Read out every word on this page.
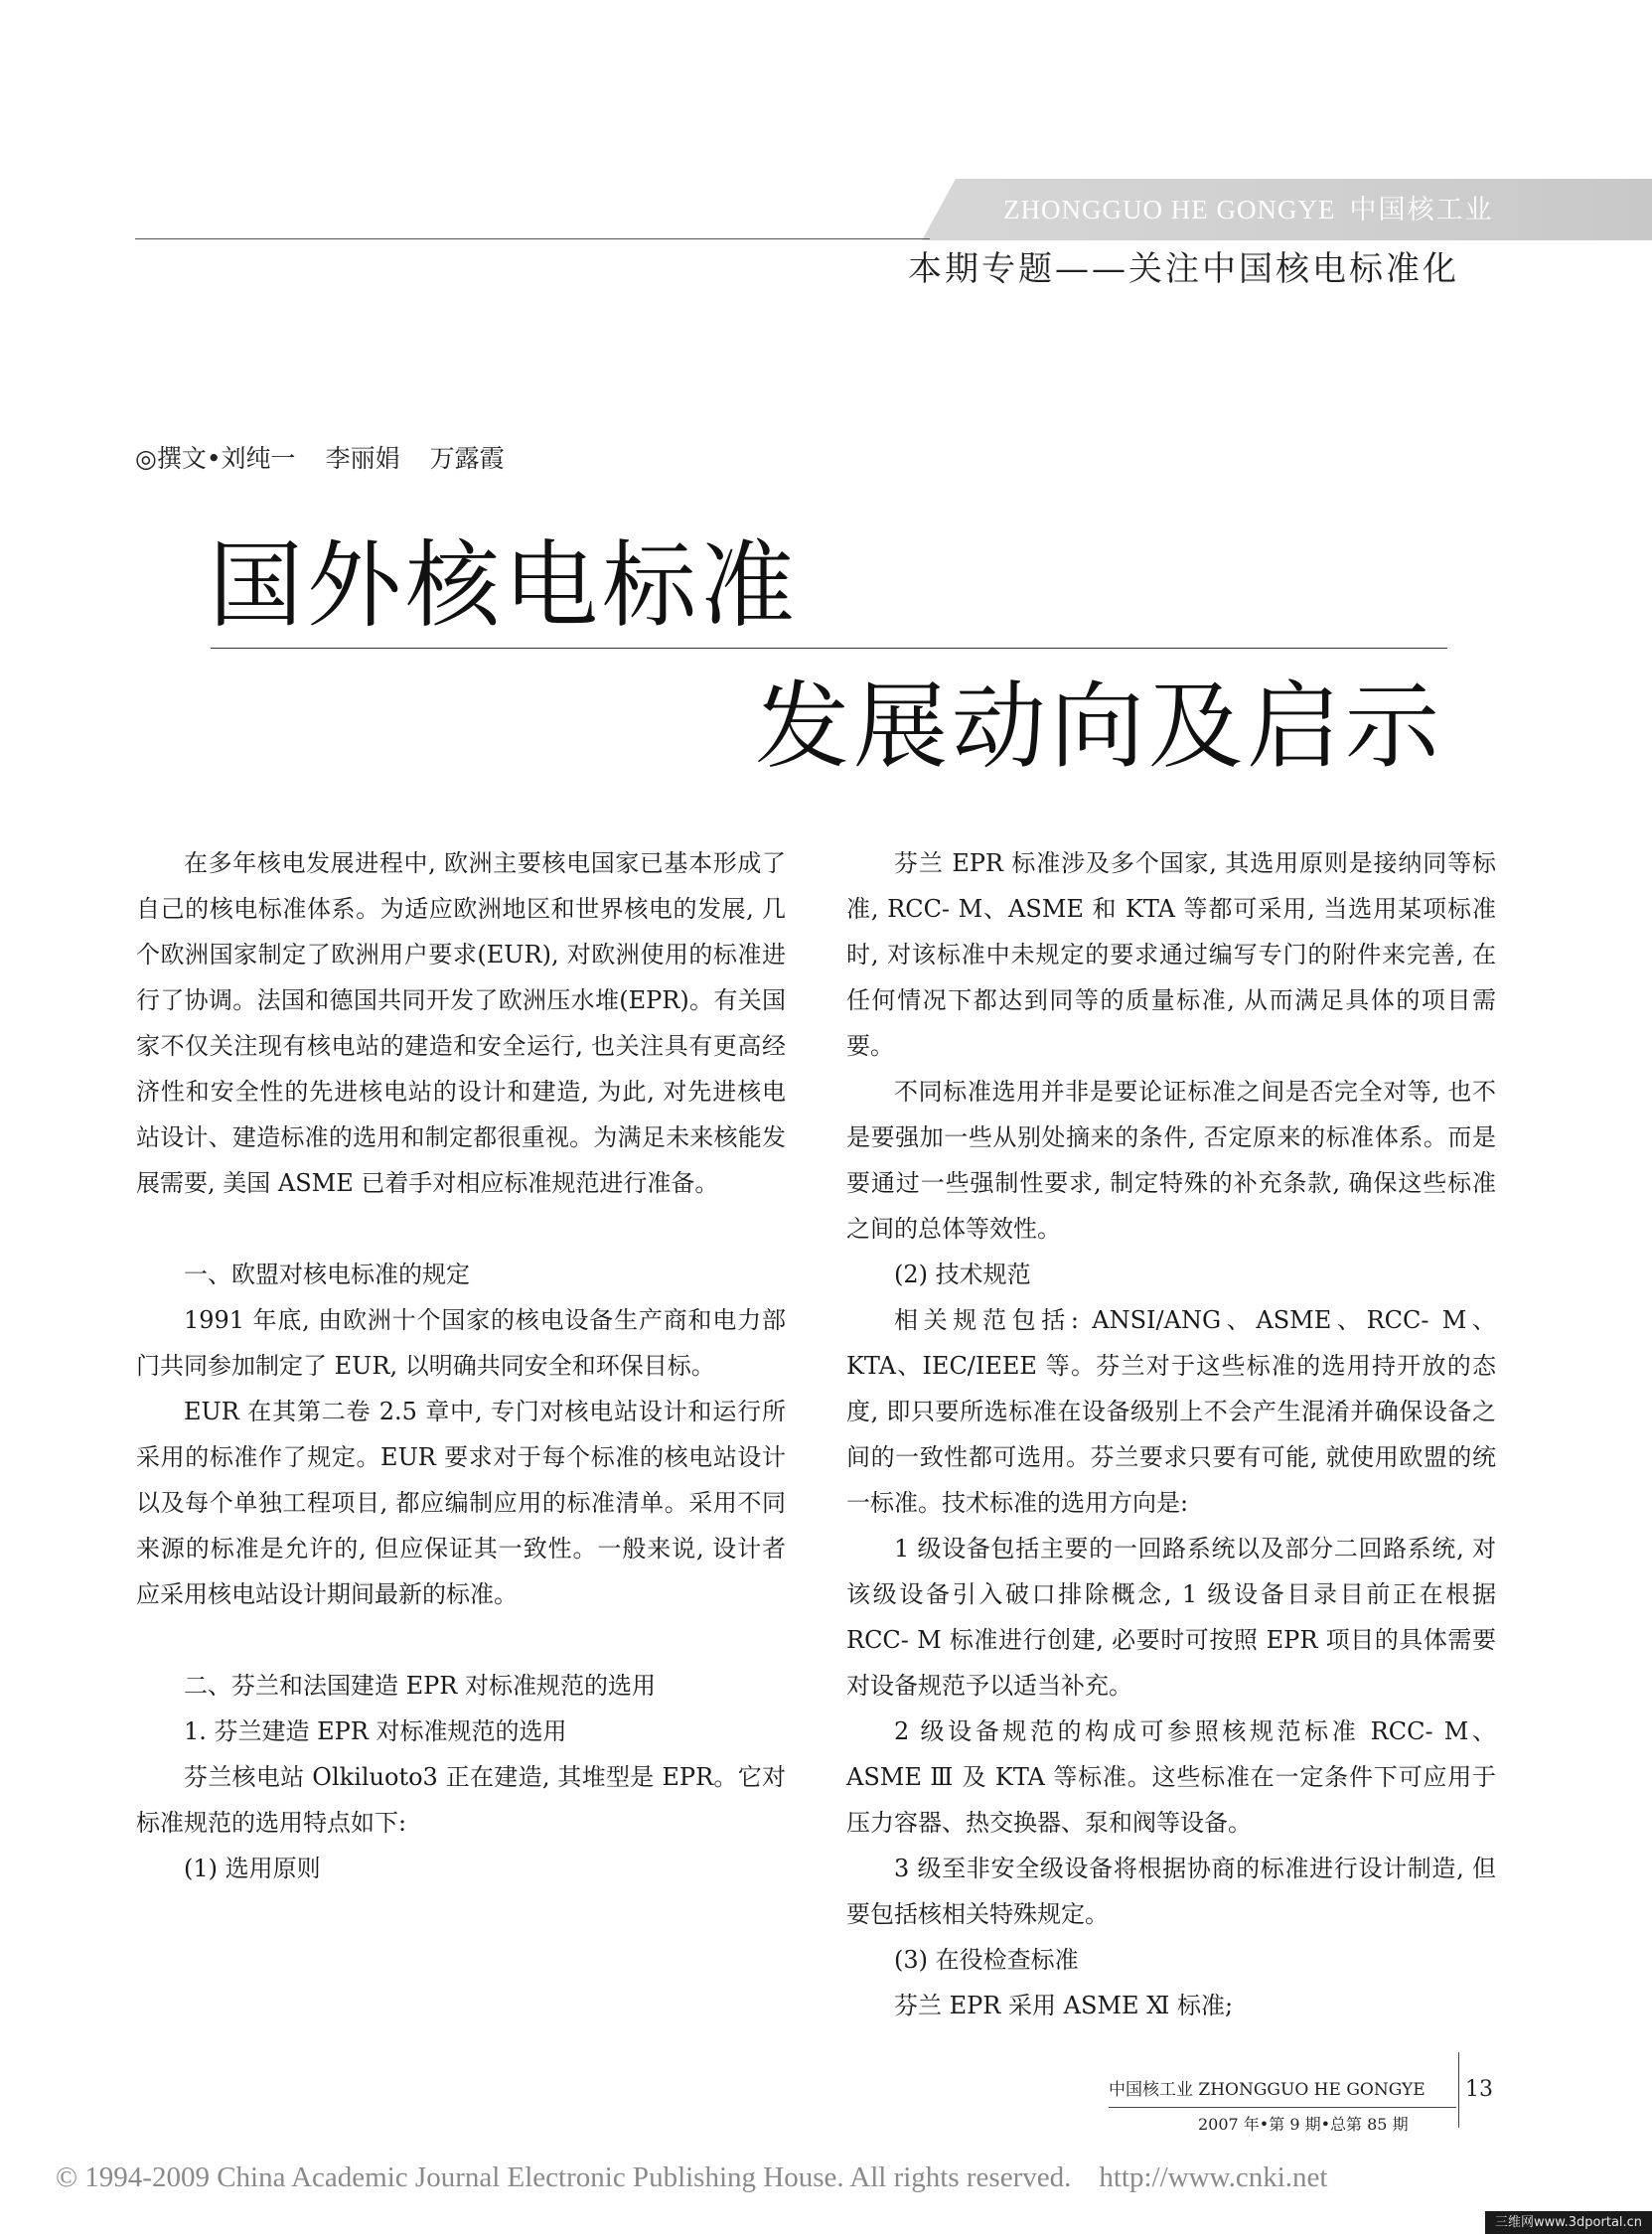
ZHONGGUO HE GONGYE 中国核工业
本期专题——关注中国核电标准化
◎撰文•刘纯一 李丽娟 万露霞
国外核电标准
发展动向及启示

在多年核电发展进程中, 欧洲主要核电国家已基本形成了自己的核电标准体系。为适应欧洲地区和世界核电的发展, 几个欧洲国家制定了欧洲用户要求(EUR), 对欧洲使用的标准进行了协调。法国和德国共同开发了欧洲压水堆(EPR)。有关国家不仅关注现有核电站的建造和安全运行, 也关注具有更高经济性和安全性的先进核电站的设计和建造, 为此, 对先进核电站设计、建造标准的选用和制定都很重视。为满足未来核能发展需要, 美国 ASME 已着手对相应标准规范进行准备。

一、欧盟对核电标准的规定

1991 年底, 由欧洲十个国家的核电设备生产商和电力部门共同参加制定了 EUR, 以明确共同安全和环保目标。

EUR 在其第二卷 2.5 章中, 专门对核电站设计和运行所采用的标准作了规定。EUR 要求对于每个标准的核电站设计以及每个单独工程项目, 都应编制应用的标准清单。采用不同来源的标准是允许的, 但应保证其一致性。一般来说, 设计者应采用核电站设计期间最新的标准。

二、芬兰和法国建造 EPR 对标准规范的选用

1. 芬兰建造 EPR 对标准规范的选用

芬兰核电站 Olkiluoto3 正在建造, 其堆型是 EPR。它对标准规范的选用特点如下:

(1) 选用原则

芬兰 EPR 标准涉及多个国家, 其选用原则是接纳同等标准, RCC- M、ASME 和 KTA 等都可采用, 当选用某项标准时, 对该标准中未规定的要求通过编写专门的附件来完善, 在任何情况下都达到同等的质量标准, 从而满足具体的项目需要。

不同标准选用并非是要论证标准之间是否完全对等, 也不是要强加一些从别处摘来的条件, 否定原来的标准体系。而是要通过一些强制性要求, 制定特殊的补充条款, 确保这些标准之间的总体等效性。

(2) 技术规范

相关规范包括: ANSI/ANG、ASME、RCC- M、KTA、IEC/IEEE 等。芬兰对于这些标准的选用持开放的态度, 即只要所选标准在设备级别上不会产生混淆并确保设备之间的一致性都可选用。芬兰要求只要有可能, 就使用欧盟的统一标准。技术标准的选用方向是:

1 级设备包括主要的一回路系统以及部分二回路系统, 对该级设备引入破口排除概念, 1 级设备目录目前正在根据 RCC- M 标准进行创建, 必要时可按照 EPR 项目的具体需要对设备规范予以适当补充。

2 级设备规范的构成可参照核规范标准 RCC- M、ASME Ⅲ 及 KTA 等标准。这些标准在一定条件下可应用于压力容器、热交换器、泵和阀等设备。

3 级至非安全级设备将根据协商的标准进行设计制造, 但要包括核相关特殊规定。

(3) 在役检查标准

芬兰 EPR 采用 ASME Ⅺ 标准;

中国核工业 ZHONGGUO HE GONGYE
2007 年•第 9 期•总第 85 期
13
© 1994-2009 China Academic Journal Electronic Publishing House. All rights reserved. http://www.cnki.net
三维网www.3dportal.cn
